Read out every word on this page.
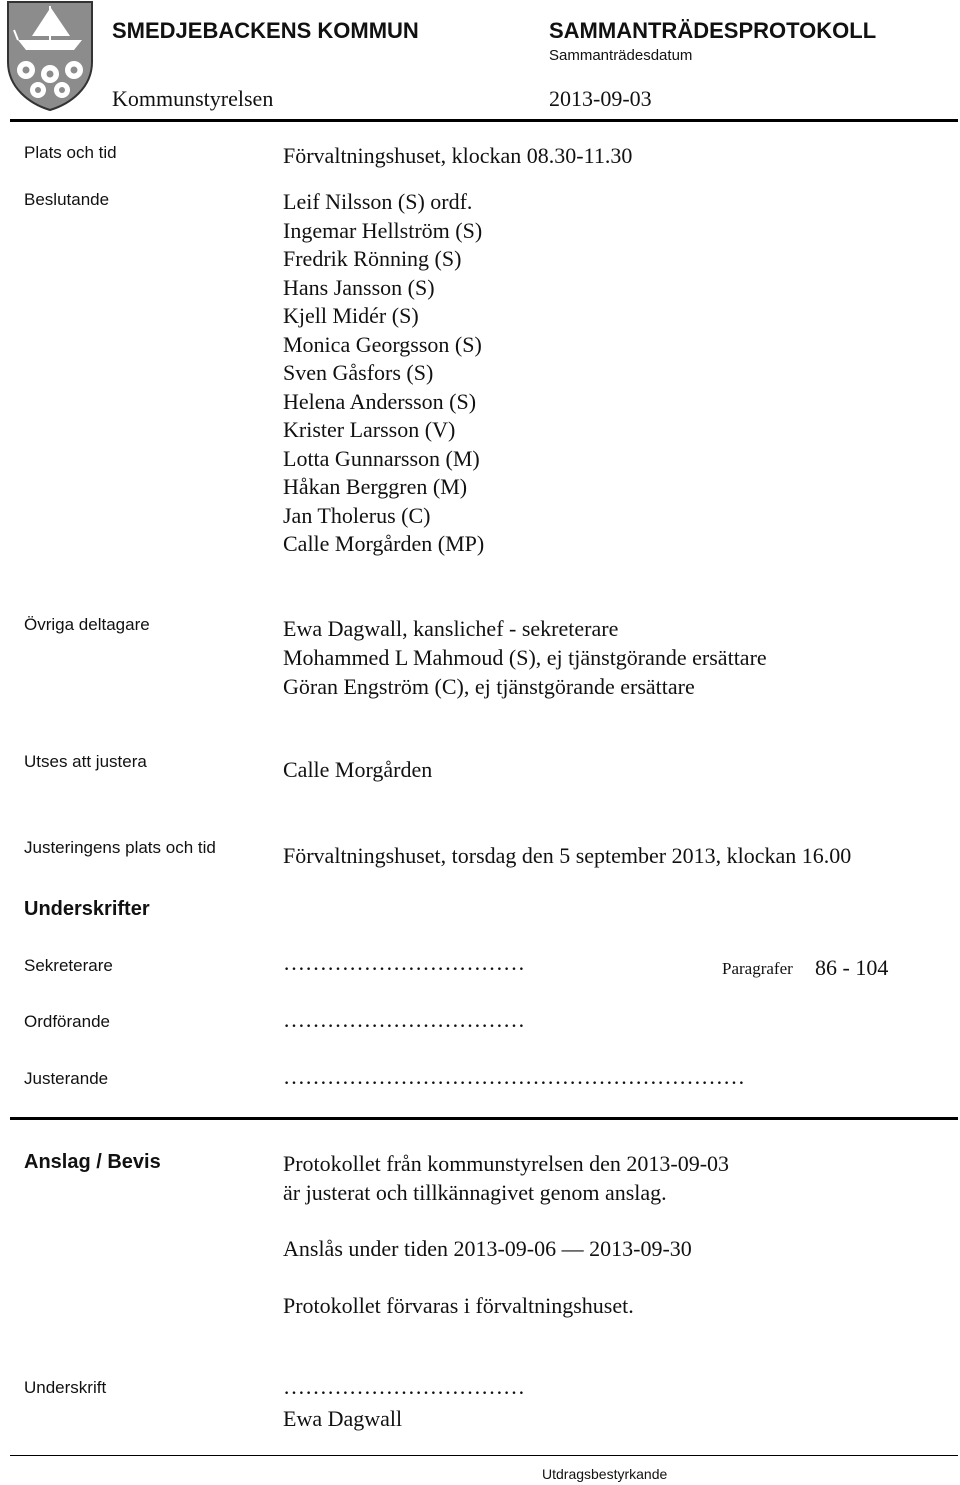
SMEDJEBACKENS KOMMUN	SAMMANTRÄDESPROTOKOLL
Sammanträdesdatum
Kommunstyrelsen	2013-09-03
Plats och tid	Förvaltningshuset, klockan 08.30-11.30
Beslutande	Leif Nilsson (S) ordf.
Ingemar Hellström (S)
Fredrik Rönning (S)
Hans Jansson (S)
Kjell Midér (S)
Monica Georgsson (S)
Sven Gåsfors (S)
Helena Andersson (S)
Krister Larsson (V)
Lotta Gunnarsson (M)
Håkan Berggren (M)
Jan Tholerus (C)
Calle Morgården (MP)
Övriga deltagare	Ewa Dagwall, kanslichef - sekreterare
Mohammed L Mahmoud (S), ej tjänstgörande ersättare
Göran Engström (C), ej tjänstgörande ersättare
Utses att justera	Calle Morgården
Justeringens plats och tid	Förvaltningshuset, torsdag den 5 september 2013, klockan 16.00
Underskrifter
Sekreterare	……………………………	Paragrafer 86 - 104
Ordförande	……………………………
Justerande	………………………………………………………
Anslag / Bevis	Protokollet från kommunstyrelsen den 2013-09-03
är justerat och tillkännagivet genom anslag.
Anslås under tiden 2013-09-06 — 2013-09-30
Protokollet förvaras i förvaltningshuset.
Underskrift	……………………………
Ewa Dagwall
Utdragsbestyrkande
